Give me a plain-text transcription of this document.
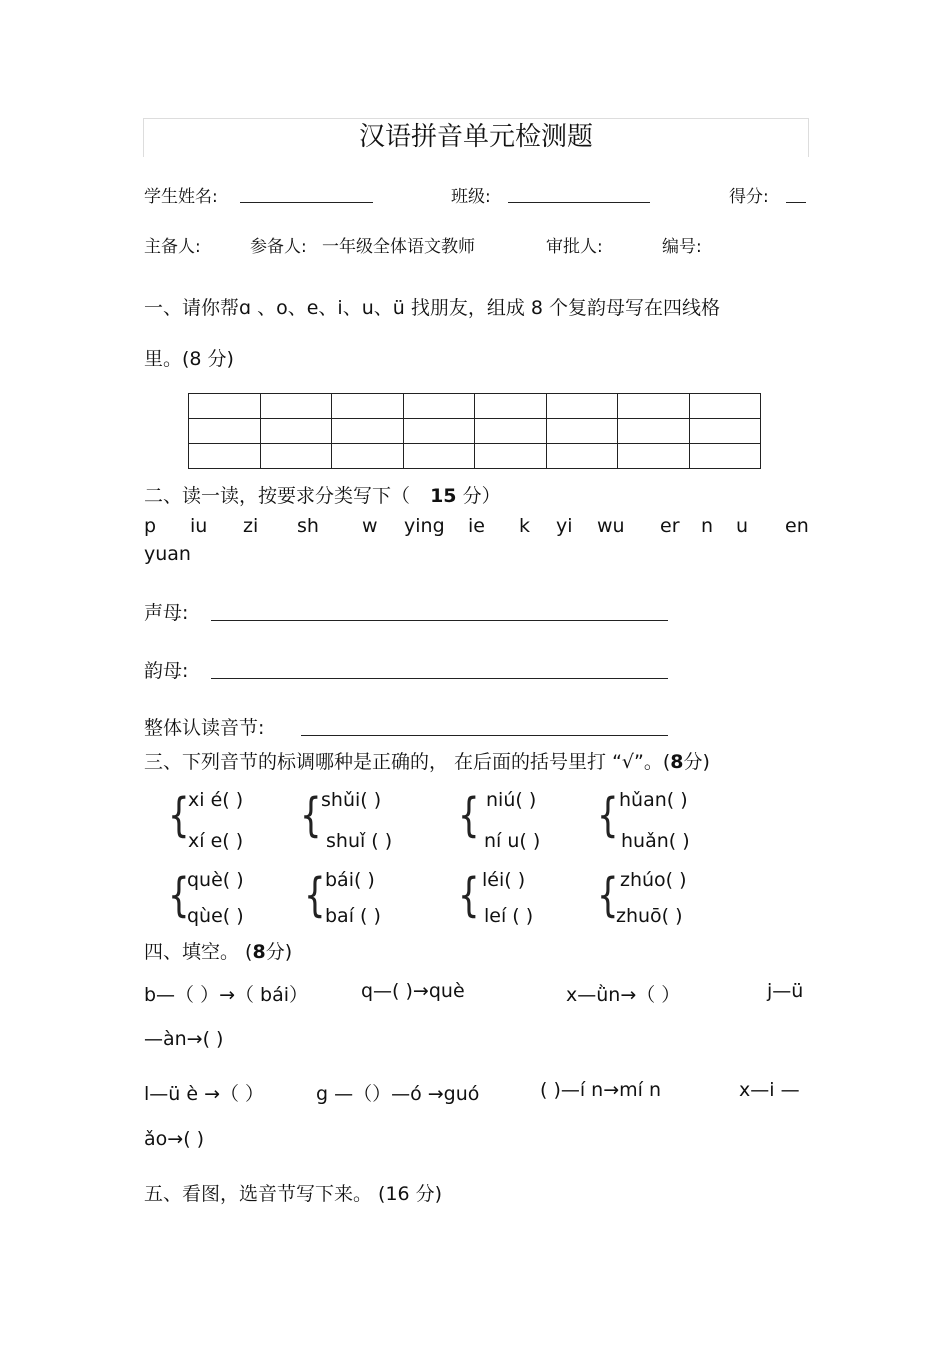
汉语拼音单元检测题
学生姓名:	班级:	得分:
主备人:	参备人: 一年级全体语文教师	审批人:	编号:
一、请你帮ɑ 、o、e、i、u、ü 找朋友，组成 8 个复韵母写在四线格
里。(8 分)

二、读一读，按要求分类写下（ 15 分）
p iu zi sh w ying ie k yi wu er n u en
yuan
声母:
韵母:
整体认读音节:
三、下列音节的标调哪种是正确的， 在后面的括号里打 “√”。(8分)
{
xi é( )
xí e( ) { shǔi( )
shuǐ ( ) { niú( )
ní u( ) { hǔan( )
huǎn( )
{
què( )
qùe( ) { bái( )
baí ( ) { léi( )
leí ( ) { zhúo( )
zhuō( )
四、填空。 (8分)
b—（ ）→（ bái）	q—( )→què	x—ǜn→（ ）	j—ü
—àn→( )
l—ü è →（ ）	g —（）—ó →guó	( )—í n→mí n	x—i —
ǎo→( )
五、看图，选音节写下来。 (16 分)
